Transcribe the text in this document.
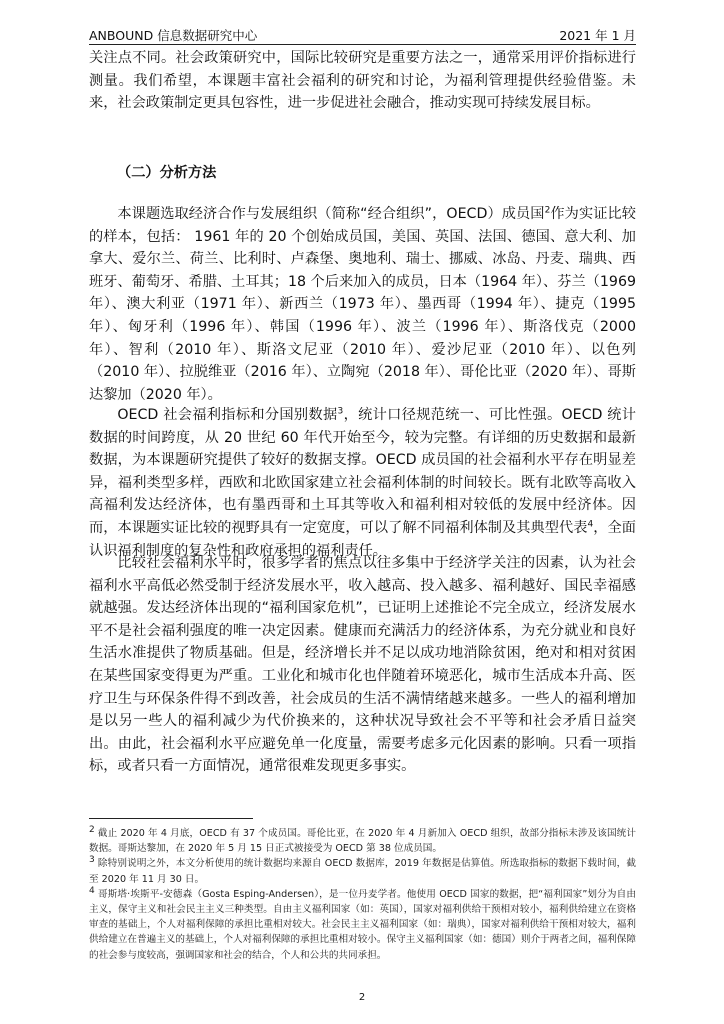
ANBOUND 信息数据研究中心	2021 年 1 月

关注点不同。社会政策研究中，国际比较研究是重要方法之一，通常采用评价指标进行测量。我们希望，本课题丰富社会福利的研究和讨论，为福利管理提供经验借鉴。未来，社会政策制定更具包容性，进一步促进社会融合，推动实现可持续发展目标。

（二）分析方法

本课题选取经济合作与发展组织（简称“经合组织”，OECD）成员国$^2$作为实证比较的样本，包括： 1961 年的 20 个创始成员国，美国、英国、法国、德国、意大利、加拿大、爱尔兰、荷兰、比利时、卢森堡、奥地利、瑞士、挪威、冰岛、丹麦、瑞典、西班牙、葡萄牙、希腊、土耳其；18 个后来加入的成员，日本（1964 年）、芬兰（1969 年）、澳大利亚（1971 年）、新西兰（1973 年）、墨西哥（1994 年）、捷克（1995 年）、匈牙利（1996 年）、韩国（1996 年）、波兰（1996 年）、斯洛伐克（2000 年）、智利（2010 年）、斯洛文尼亚（2010 年）、爱沙尼亚（2010 年）、以色列（2010 年）、拉脱维亚（2016 年）、立陶宛（2018 年）、哥伦比亚（2020 年）、哥斯达黎加（2020 年）。

OECD 社会福利指标和分国别数据$^3$，统计口径规范统一、可比性强。OECD 统计数据的时间跨度，从 20 世纪 60 年代开始至今，较为完整。有详细的历史数据和最新数据，为本课题研究提供了较好的数据支撑。OECD 成员国的社会福利水平存在明显差异，福利类型多样，西欧和北欧国家建立社会福利体制的时间较长。既有北欧等高收入高福利发达经济体，也有墨西哥和土耳其等收入和福利相对较低的发展中经济体。因而，本课题实证比较的视野具有一定宽度，可以了解不同福利体制及其典型代表$^4$，全面认识福利制度的复杂性和政府承担的福利责任。

比较社会福利水平时，很多学者的焦点以往多集中于经济学关注的因素，认为社会福利水平高低必然受制于经济发展水平，收入越高、投入越多、福利越好、国民幸福感就越强。发达经济体出现的“福利国家危机”，已证明上述推论不完全成立，经济发展水平不是社会福利强度的唯一决定因素。健康而充满活力的经济体系，为充分就业和良好生活水准提供了物质基础。但是，经济增长并不足以成功地消除贫困，绝对和相对贫困在某些国家变得更为严重。工业化和城市化也伴随着环境恶化，城市生活成本升高、医疗卫生与环保条件得不到改善，社会成员的生活不满情绪越来越多。一些人的福利增加是以另一些人的福利减少为代价换来的，这种状况导致社会不平等和社会矛盾日益突出。由此，社会福利水平应避免单一化度量，需要考虑多元化因素的影响。只看一项指标，或者只看一方面情况，通常很难发现更多事实。

$^2$ 截止 2020 年 4 月底，OECD 有 37 个成员国。哥伦比亚，在 2020 年 4 月新加入 OECD 组织，故部分指标未涉及该国统计数据。哥斯达黎加，在 2020 年 5 月 15 日正式被接受为 OECD 第 38 位成员国。

$^3$ 除特别说明之外，本文分析使用的统计数据均来源自 OECD 数据库，2019 年数据是估算值。所选取指标的数据下载时间，截至 2020 年 11 月 30 日。

$^4$ 哥斯塔·埃斯平-安德森（Gosta Esping-Andersen），是一位丹麦学者。他使用 OECD 国家的数据，把“福利国家”划分为自由主义，保守主义和社会民主主义三种类型。自由主义福利国家（如：英国），国家对福利供给干预相对较小，福利供给建立在资格审查的基础上，个人对福利保障的承担比重相对较大。社会民主主义福利国家（如：瑞典），国家对福利供给干预相对较大，福利供给建立在普遍主义的基础上，个人对福利保障的承担比重相对较小。保守主义福利国家（如：德国）则介于两者之间，福利保障的社会参与度较高，强调国家和社会的结合，个人和公共的共同承担。

2
